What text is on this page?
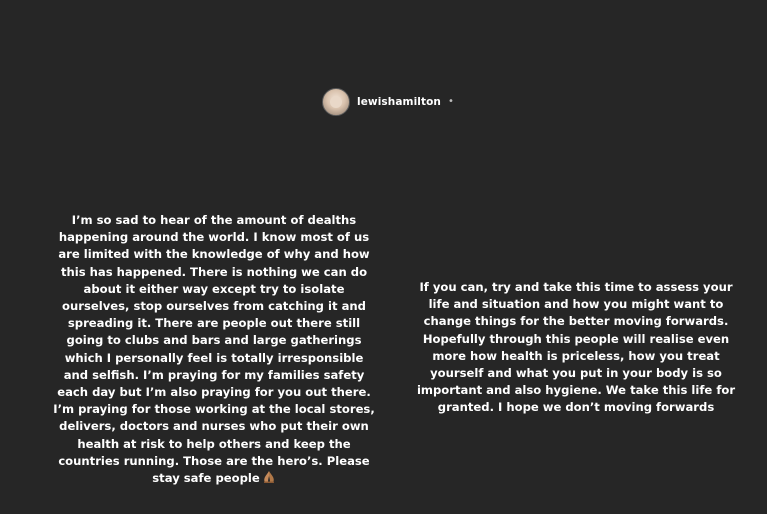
lewishamilton •
I’m so sad to hear of the amount of dealths
happening around the world. I know most of us
are limited with the knowledge of why and how
this has happened. There is nothing we can do
about it either way except try to isolate
ourselves, stop ourselves from catching it and
spreading it. There are people out there still
going to clubs and bars and large gatherings
which I personally feel is totally irresponsible
and selfish. I’m praying for my families safety
each day but I’m also praying for you out there.
I’m praying for those working at the local stores,
delivers, doctors and nurses who put their own
health at risk to help others and keep the
countries running. Those are the hero’s. Please
stay safe people
If you can, try and take this time to assess your
life and situation and how you might want to
change things for the better moving forwards.
Hopefully through this people will realise even
more how health is priceless, how you treat
yourself and what you put in your body is so
important and also hygiene. We take this life for
granted. I hope we don’t moving forwards
